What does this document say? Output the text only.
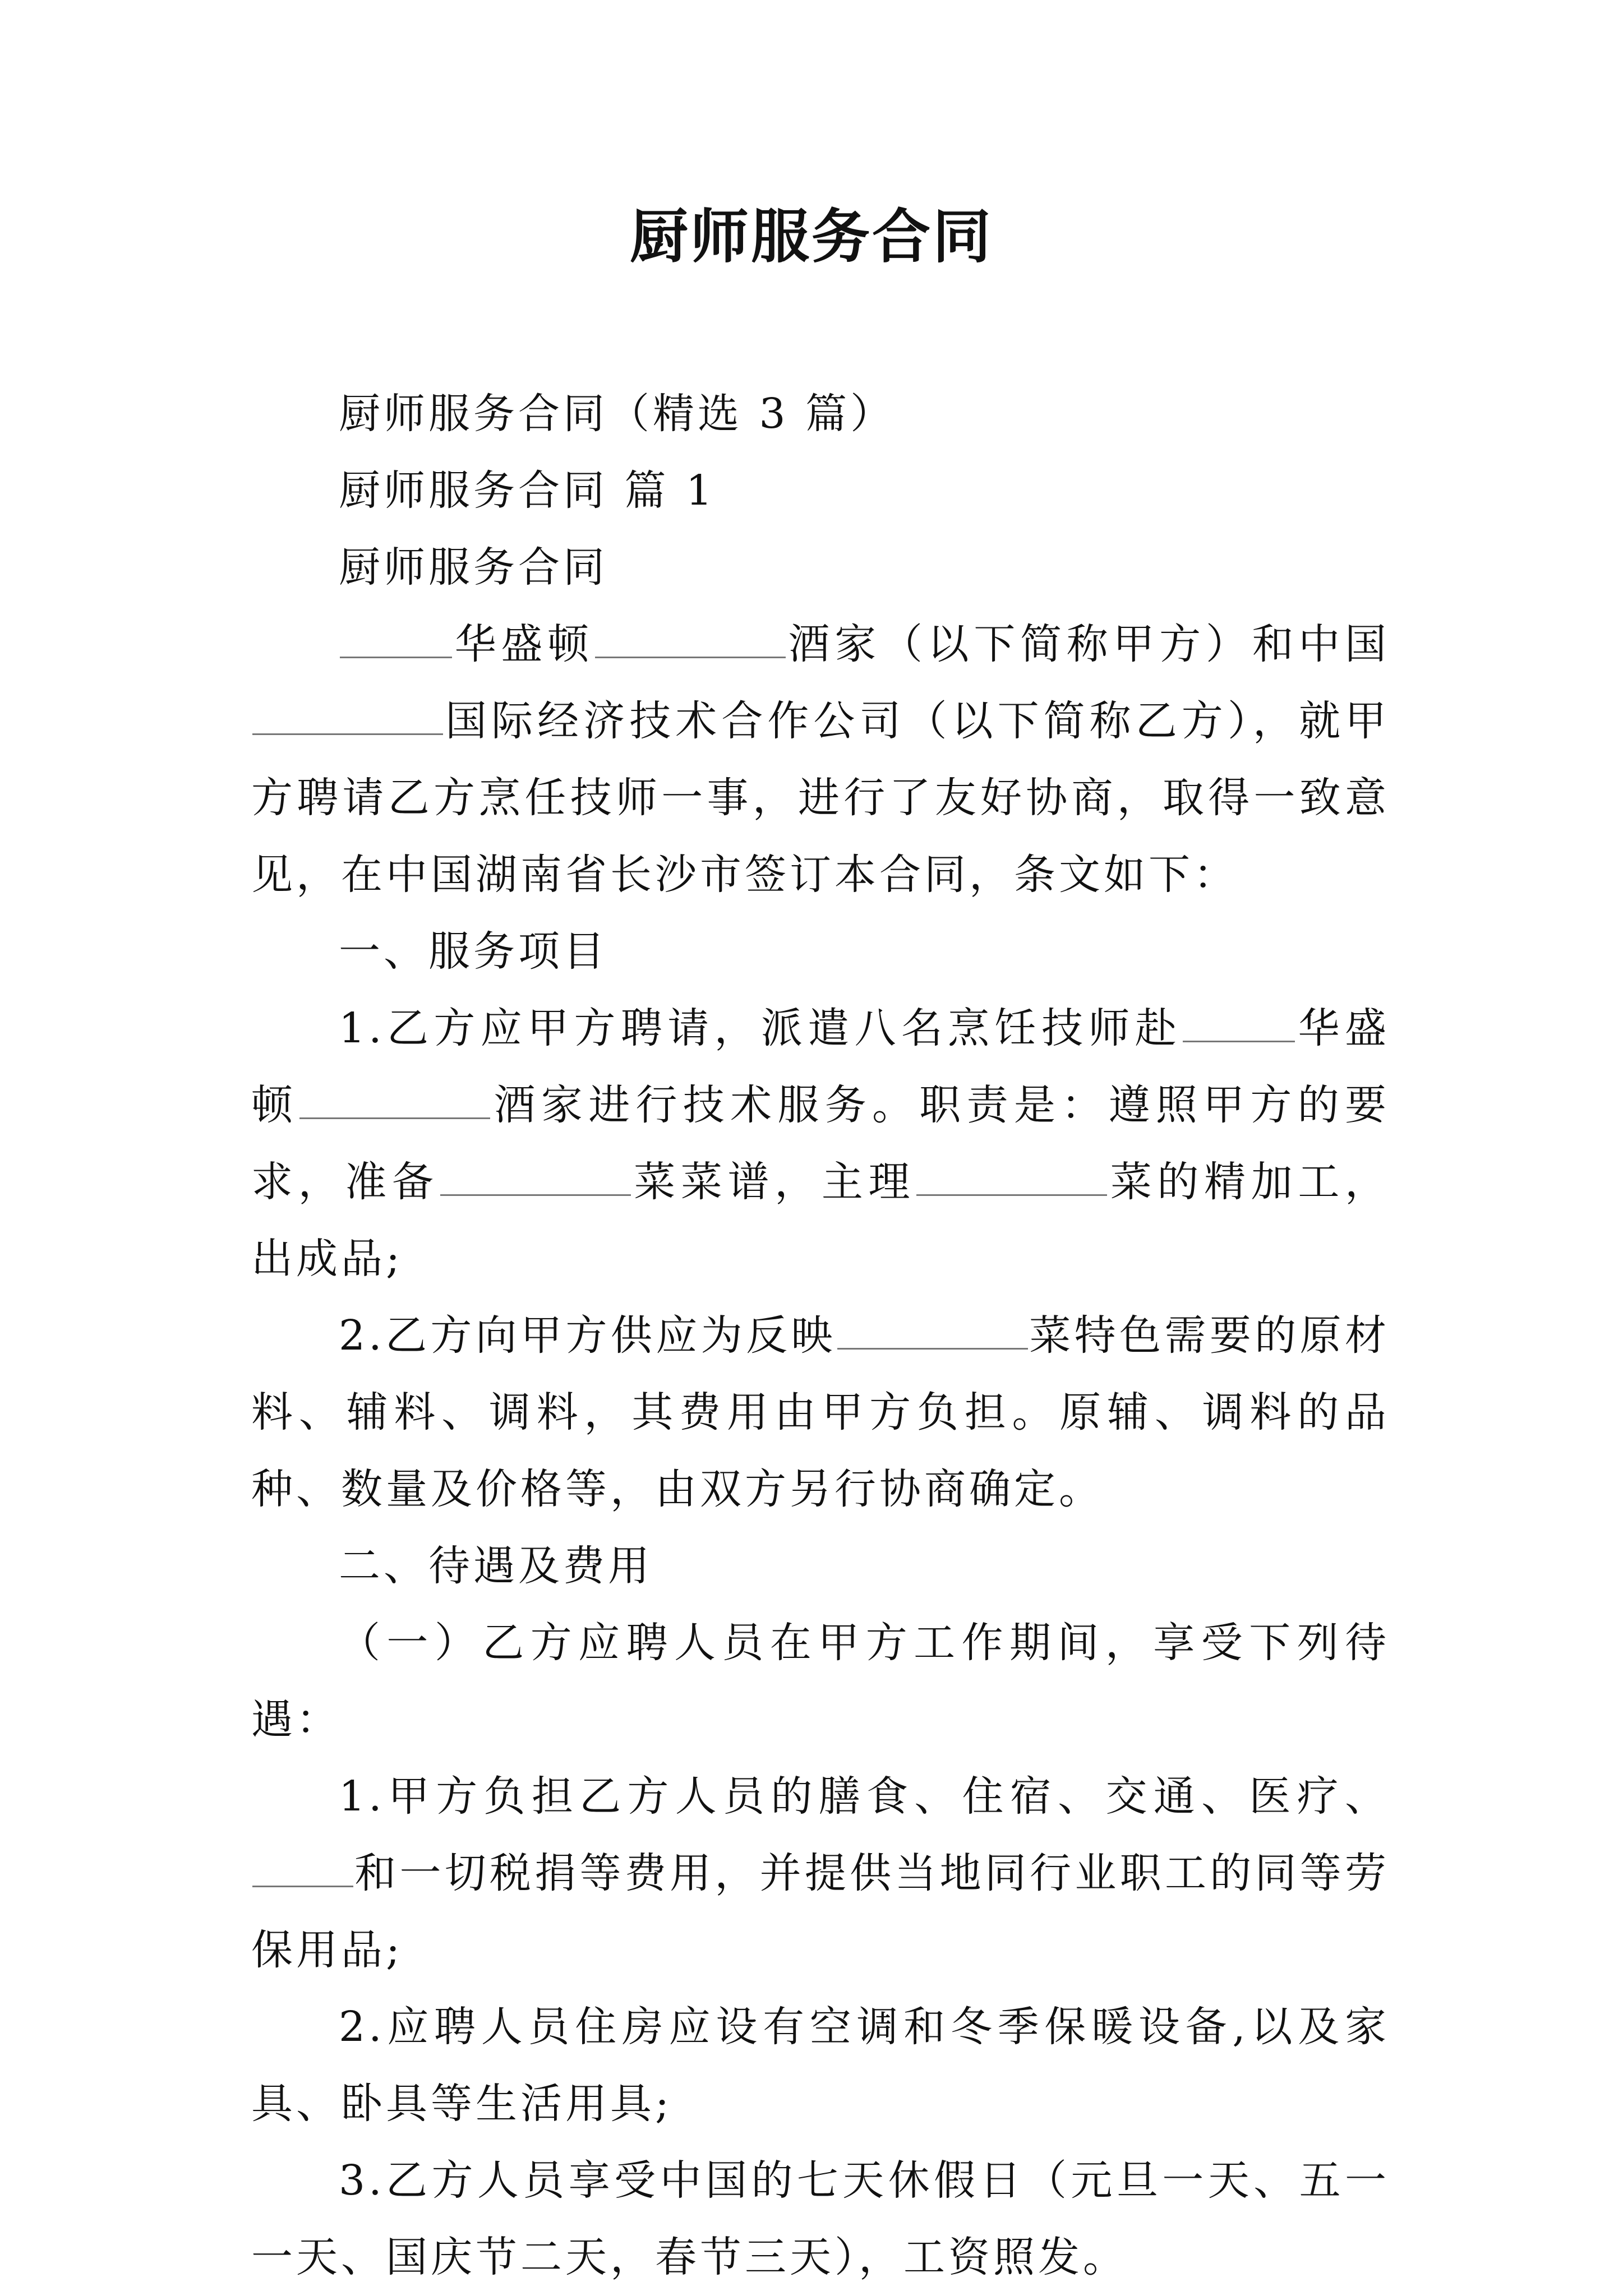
厨师服务合同

厨师服务合同（精选 3 篇）

厨师服务合同 篇 1

厨师服务合同

华盛顿	酒家（以下简称甲方）和中国国际经济技术合作公司（以下简称乙方），就甲方聘请乙方烹任技师一事，进行了友好协商，取得一致意见，在中国湖南省长沙市签订本合同，条文如下：

一、服务项目

1.乙方应甲方聘请，派遣八名烹饪技师赴	华盛顿	酒家进行技术服务。职责是：遵照甲方的要求，准备	菜菜谱，主理	菜的精加工，出成品;

2.乙方向甲方供应为反映	菜特色需要的原材料、辅料、调料，其费用由甲方负担。原辅、调料的品种、数量及价格等，由双方另行协商确定。

二、待遇及费用

（一）乙方应聘人员在甲方工作期间，享受下列待遇：

1.甲方负担乙方人员的膳食、住宿、交通、医疗、和一切税捐等费用，并提供当地同行业职工的同等劳保用品;

2.应聘人员住房应设有空调和冬季保暖设备,以及家具、卧具等生活用具;

3.乙方人员享受中国的七天休假日（元旦一天、五一一天、国庆节二天，春节三天），工资照发。
